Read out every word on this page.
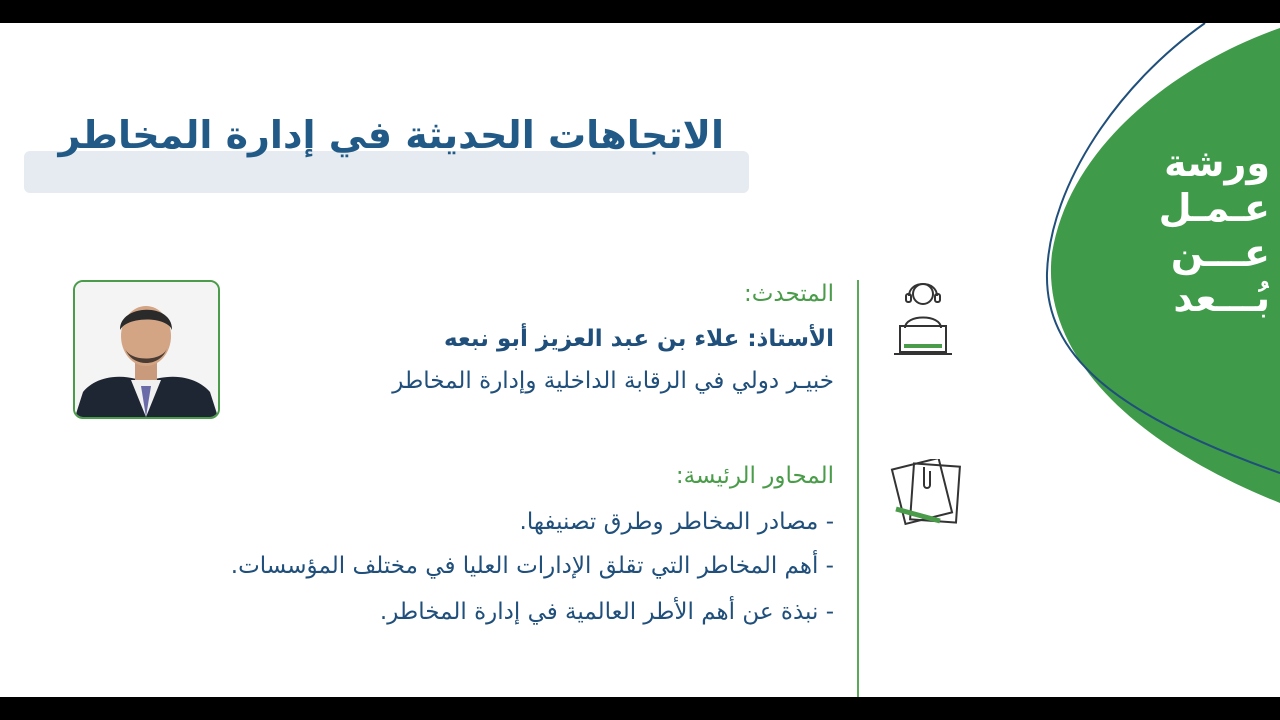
الاتجاهات الحديثة في إدارة المخاطر
ورشة
عـمـل
عـــن
بُـــعد
المتحدث:
الأستاذ: علاء بن عبد العزيز أبو نبعه
خبيـر دولي في الرقابة الداخلية وإدارة المخاطر
المحاور الرئيسة:
- مصادر المخاطر وطرق تصنيفها.
- أهم المخاطر التي تقلق الإدارات العليا في مختلف المؤسسات.
- نبذة عن أهم الأطر العالمية في إدارة المخاطر.
